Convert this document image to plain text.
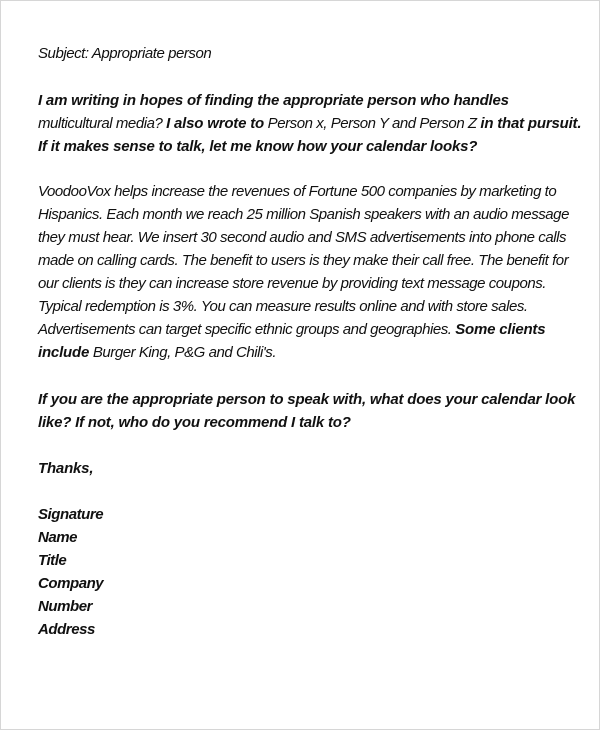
Subject: Appropriate person

I am writing in hopes of finding the appropriate person who handles multicultural media? I also wrote to Person x, Person Y and Person Z in that pursuit. If it makes sense to talk, let me know how your calendar looks?

VoodooVox helps increase the revenues of Fortune 500 companies by marketing to Hispanics. Each month we reach 25 million Spanish speakers with an audio message they must hear. We insert 30 second audio and SMS advertisements into phone calls made on calling cards. The benefit to users is they make their call free. The benefit for our clients is they can increase store revenue by providing text message coupons. Typical redemption is 3%. You can measure results online and with store sales. Advertisements can target specific ethnic groups and geographies. Some clients include Burger King, P&G and Chili's.

If you are the appropriate person to speak with, what does your calendar look like? If not, who do you recommend I talk to?

Thanks,

Signature
Name
Title
Company
Number
Address
